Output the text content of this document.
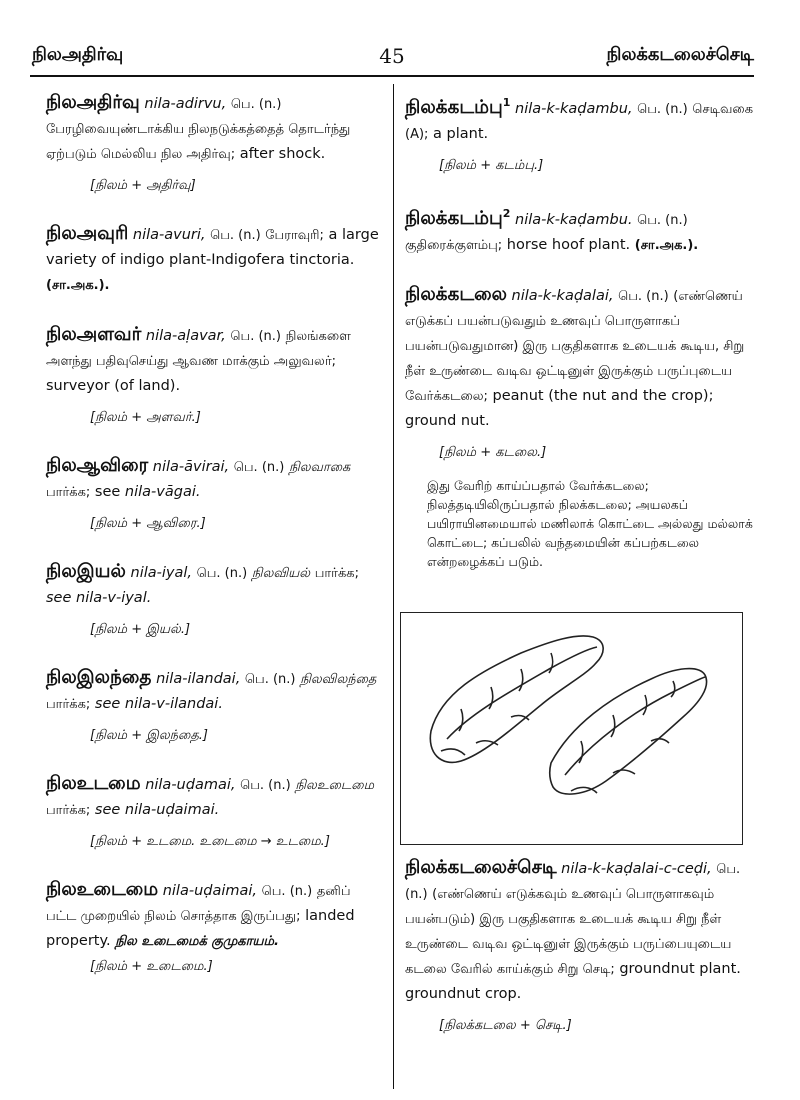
நிலஅதிர்வு	45	நிலக்கடலைச்செடி
நிலஅதிர்வு nila-adirvu, பெ. (n.) பேரழிவையுண்டாக்கிய நிலநடுக்கத்தைத் தொடர்ந்து ஏற்படும் மெல்லிய நில அதிர்வு; after shock.
[நிலம் + அதிர்வு]
நிலஅவுரி nila-avuri, பெ. (n.) பேராவுரி; a large variety of indigo plant-Indigofera tinctoria. (சா.அக.).
நிலஅளவர் nila-aḷavar, பெ. (n.) நிலங்களை அளந்து பதிவுசெய்து ஆவண மாக்கும் அலுவலர்; surveyor (of land).
[நிலம் + அளவர்.]
நிலஆவிரை nila-āvirai, பெ. (n.) நிலவாகை பார்க்க; see nila-vāgai.
[நிலம் + ஆவிரை.]
நிலஇயல் nila-iyal, பெ. (n.) நிலவியல் பார்க்க; see nila-v-iyal.
[நிலம் + இயல்.]
நிலஇலந்தை nila-ilandai, பெ. (n.) நிலவிலந்தை பார்க்க; see nila-v-ilandai.
[நிலம் + இலந்தை.]
நிலஉடமை nila-uḍamai, பெ. (n.) நிலஉடைமை பார்க்க; see nila-uḍaimai.
[நிலம் + உடமை. உடைமை → உடமை.]
நிலஉடைமை nila-uḍaimai, பெ. (n.) தனிப் பட்ட முறையில் நிலம் சொத்தாக இருப்பது; landed property. நில உடைமைக் குமுகாயம்.
[நிலம் + உடைமை.]
நிலக்கடம்பு$^1$ nila-k-kaḍambu, பெ. (n.) செடிவகை (A); a plant.
[நிலம் + கடம்பு.]
நிலக்கடம்பு$^2$ nila-k-kaḍambu. பெ. (n.) குதிரைக்குளம்பு; horse hoof plant. (சா.அக.).
நிலக்கடலை nila-k-kaḍalai, பெ. (n.) (எண்ணெய் எடுக்கப் பயன்படுவதும் உணவுப் பொருளாகப் பயன்படுவதுமான) இரு பகுதிகளாக உடையக் கூடிய, சிறு நீள் உருண்டை வடிவ ஒட்டினுள் இருக்கும் பருப்புடைய வேர்க்கடலை; peanut (the nut and the crop); ground nut.
[நிலம் + கடலை.]
இது வேரிற் காய்ப்பதால் வேர்க்கடலை; நிலத்தடியிலிருப்பதால் நிலக்கடலை; அயலகப் பயிராயினமையால் மணிலாக் கொட்டை அல்லது மல்லாக் கொட்டை; கப்பலில் வந்தமையின் கப்பற்கடலை என்றழைக்கப் படும்.
நிலக்கடலைச்செடி nila-k-kaḍalai-c-ceḍi, பெ. (n.) (எண்ணெய் எடுக்கவும் உணவுப் பொருளாகவும் பயன்படும்) இரு பகுதிகளாக உடையக் கூடிய சிறு நீள் உருண்டை வடிவ ஒட்டினுள் இருக்கும் பருப்பையுடைய கடலை வேரில் காய்க்கும் சிறு செடி; groundnut plant. groundnut crop.
[நிலக்கடலை + செடி.]
